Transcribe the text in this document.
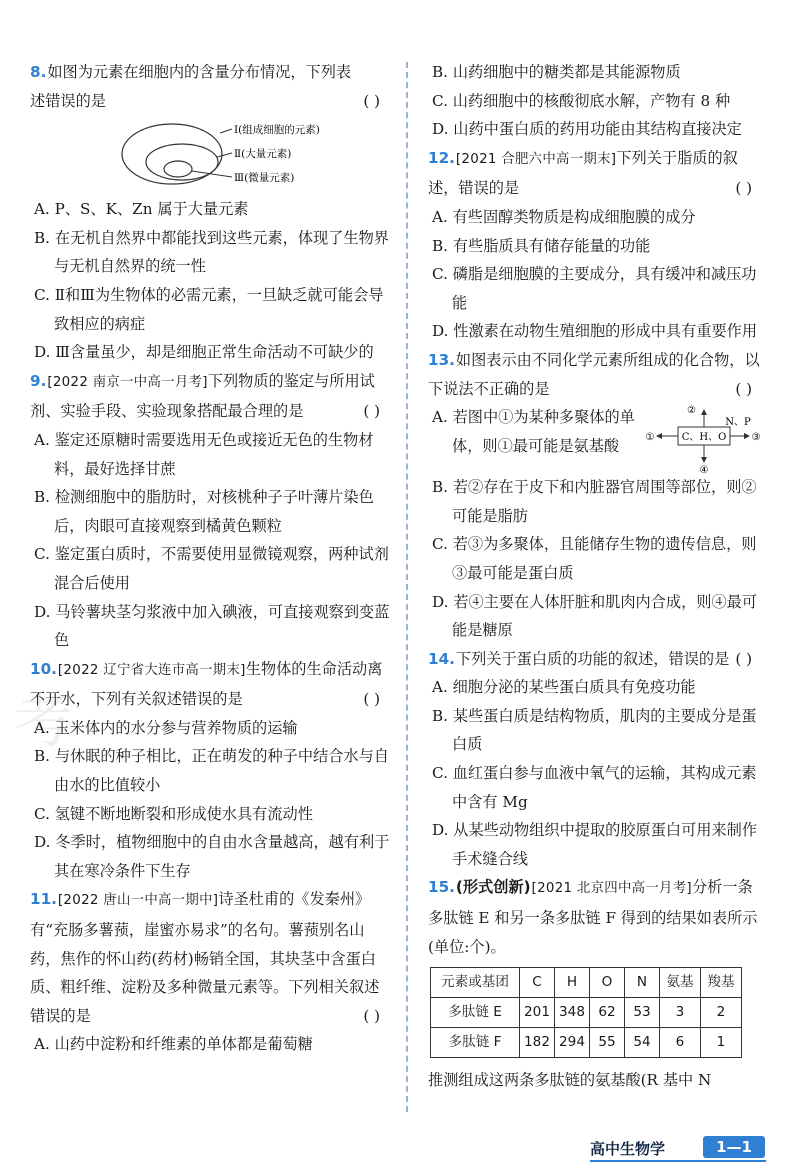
考

8.如图为元素在细胞内的含量分布情况，下列表

述错误的是	( )

Ⅰ(组成细胞的元素)
Ⅱ(大量元素)
Ⅲ(微量元素)

A. P、S、K、Zn 属于大量元素

B. 在无机自然界中都能找到这些元素，体现了生物界与无机自然界的统一性

C. Ⅱ和Ⅲ为生物体的必需元素，一旦缺乏就可能会导致相应的病症

D. Ⅲ含量虽少，却是细胞正常生命活动不可缺少的

9.[2022 南京一中高一月考]下列物质的鉴定与所用试剂、实验手段、实验现象搭配最合理的是	( )

A. 鉴定还原糖时需要选用无色或接近无色的生物材料，最好选择甘蔗

B. 检测细胞中的脂肪时，对核桃种子子叶薄片染色后，肉眼可直接观察到橘黄色颗粒

C. 鉴定蛋白质时，不需要使用显微镜观察，两种试剂混合后使用

D. 马铃薯块茎匀浆液中加入碘液，可直接观察到变蓝色

10.[2022 辽宁省大连市高一期末]生物体的生命活动离不开水，下列有关叙述错误的是	( )

A. 玉米体内的水分参与营养物质的运输

B. 与休眠的种子相比，正在萌发的种子中结合水与自由水的比值较小

C. 氢键不断地断裂和形成使水具有流动性

D. 冬季时，植物细胞中的自由水含量越高，越有利于其在寒冷条件下生存

11.[2022 唐山一中高一期中]诗圣杜甫的《发秦州》有“充肠多薯蓣，崖蜜亦易求”的名句。薯蓣别名山药，焦作的怀山药(药材)畅销全国，其块茎中含蛋白质、粗纤维、淀粉及多种微量元素等。下列相关叙述错误的是	( )

A. 山药中淀粉和纤维素的单体都是葡萄糖

B. 山药细胞中的糖类都是其能源物质

C. 山药细胞中的核酸彻底水解，产物有 8 种

D. 山药中蛋白质的药用功能由其结构直接决定

12.[2021 合肥六中高一期末]下列关于脂质的叙述，错误的是	( )

A. 有些固醇类物质是构成细胞膜的成分

B. 有些脂质具有储存能量的功能

C. 磷脂是细胞膜的主要成分，具有缓冲和减压功能

D. 性激素在动物生殖细胞的形成中具有重要作用

13.如图表示由不同化学元素所组成的化合物，以下说法不正确的是	( )

A. 若图中①为某种多聚体的单体，则①最可能是氨基酸	C、H、O
②
④
①	③
N、P

B. 若②存在于皮下和内脏器官周围等部位，则②可能是脂肪

C. 若③为多聚体，且能储存生物的遗传信息，则③最可能是蛋白质

D. 若④主要在人体肝脏和肌肉内合成，则④最可能是糖原

14.下列关于蛋白质的功能的叙述，错误的是 ( )

A. 细胞分泌的某些蛋白质具有免疫功能

B. 某些蛋白质是结构物质，肌肉的主要成分是蛋白质

C. 血红蛋白参与血液中氧气的运输，其构成元素中含有 Mg

D. 从某些动物组织中提取的胶原蛋白可用来制作手术缝合线

15.(形式创新)[2021 北京四中高一月考]分析一条多肽链 E 和另一条多肽链 F 得到的结果如表所示(单位:个)。

元素或基团	C	H	O	N	氨基	羧基
多肽链 E	201	348	62	53	3	2
多肽链 F	182	294	55	54	6	1

推测组成这两条多肽链的氨基酸(R 基中 N

高中生物学	1—1
